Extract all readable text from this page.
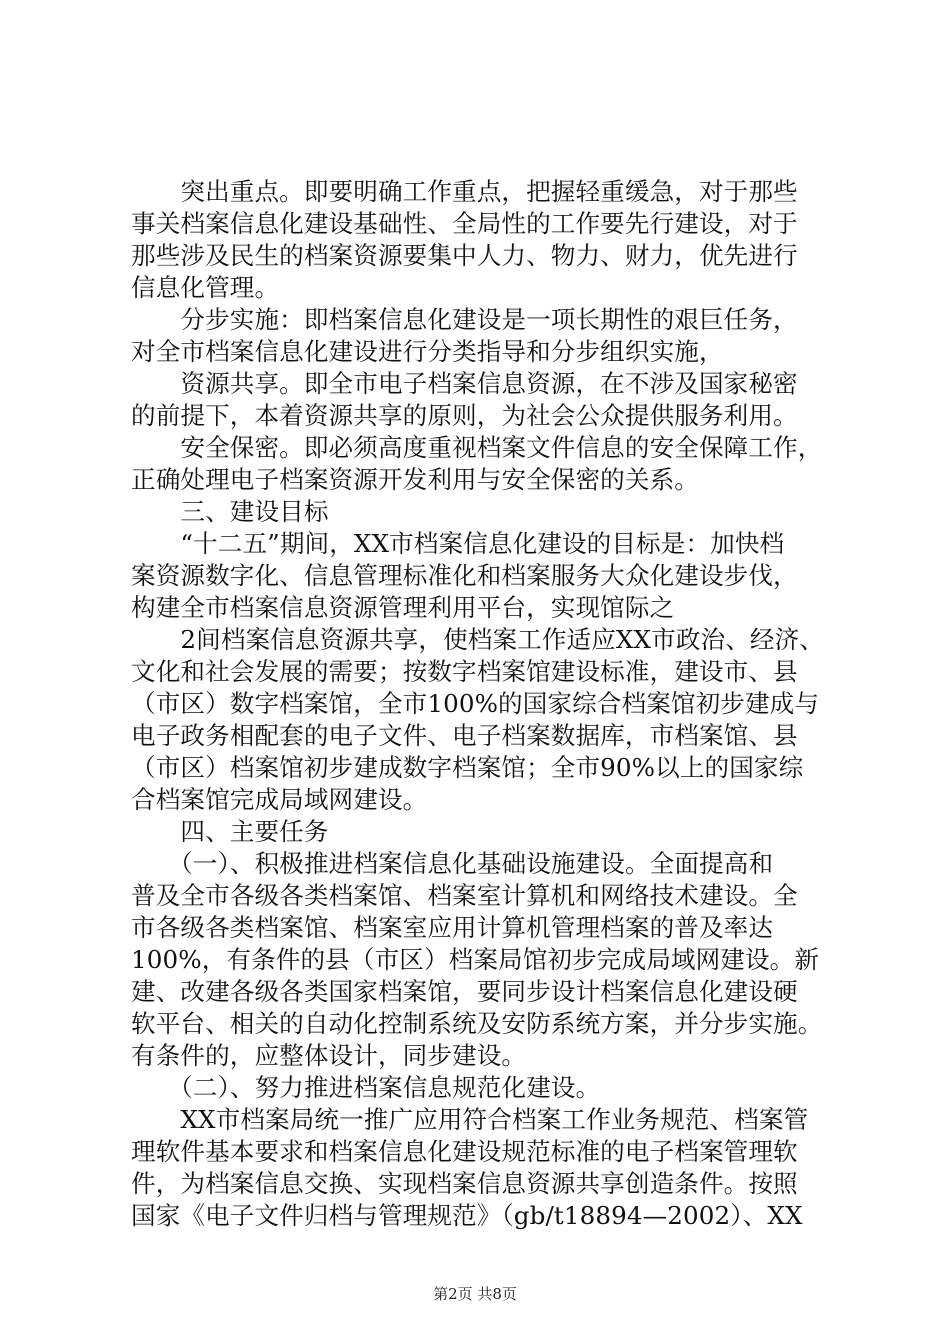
　　突出重点。即要明确工作重点，把握轻重缓急，对于那些
事关档案信息化建设基础性、全局性的工作要先行建设，对于
那些涉及民生的档案资源要集中人力、物力、财力，优先进行
信息化管理。
　　分步实施：即档案信息化建设是一项长期性的艰巨任务，
对全市档案信息化建设进行分类指导和分步组织实施，
　　资源共享。即全市电子档案信息资源，在不涉及国家秘密
的前提下，本着资源共享的原则，为社会公众提供服务利用。
　　安全保密。即必须高度重视档案文件信息的安全保障工作，
正确处理电子档案资源开发利用与安全保密的关系。
　　三、建设目标
　　“十二五”期间，XX市档案信息化建设的目标是：加快档
案资源数字化、信息管理标准化和档案服务大众化建设步伐，
构建全市档案信息资源管理利用平台，实现馆际之
　　2间档案信息资源共享，使档案工作适应XX市政治、经济、
文化和社会发展的需要；按数字档案馆建设标准，建设市、县
（市区）数字档案馆，全市100%的国家综合档案馆初步建成与
电子政务相配套的电子文件、电子档案数据库，市档案馆、县
（市区）档案馆初步建成数字档案馆；全市90%以上的国家综
合档案馆完成局域网建设。
　　四、主要任务
　　（一）、积极推进档案信息化基础设施建设。全面提高和
普及全市各级各类档案馆、档案室计算机和网络技术建设。全
市各级各类档案馆、档案室应用计算机管理档案的普及率达
100%，有条件的县（市区）档案局馆初步完成局域网建设。新
建、改建各级各类国家档案馆，要同步设计档案信息化建设硬
软平台、相关的自动化控制系统及安防系统方案，并分步实施。
有条件的，应整体设计，同步建设。
　　（二）、努力推进档案信息规范化建设。
　　XX市档案局统一推广应用符合档案工作业务规范、档案管
理软件基本要求和档案信息化建设规范标准的电子档案管理软
件，为档案信息交换、实现档案信息资源共享创造条件。按照
国家《电子文件归档与管理规范》（gb/t18894—2002）、XX
第2页 共8页
